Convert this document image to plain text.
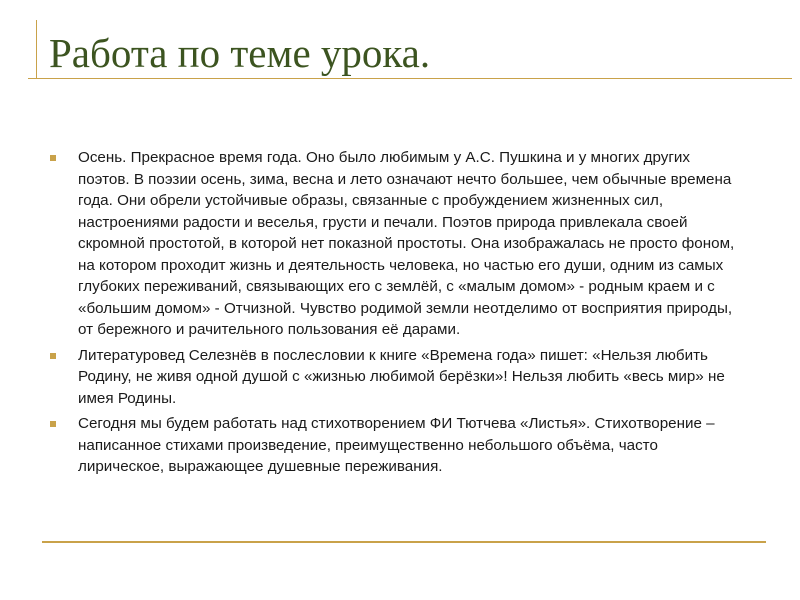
Работа по теме урока.
Осень. Прекрасное время года. Оно было любимым у А.С. Пушкина и у многих других поэтов. В поэзии осень, зима, весна и лето означают нечто большее, чем обычные времена года. Они обрели устойчивые образы, связанные с пробуждением жизненных сил, настроениями радости и веселья, грусти и печали. Поэтов природа привлекала своей скромной простотой, в которой нет показной простоты. Она изображалась не просто фоном, на котором проходит жизнь и деятельность человека, но частью его души, одним из самых глубоких переживаний, связывающих его с землёй, с «малым домом» - родным краем и с «большим домом» - Отчизной. Чувство родимой земли неотделимо от восприятия природы, от бережного и рачительного пользования её дарами.
Литературовед Селезнёв в послесловии к книге «Времена года» пишет: «Нельзя любить Родину, не живя одной душой с «жизнью любимой берёзки»! Нельзя любить «весь мир» не имея Родины.
Сегодня мы будем работать над стихотворением ФИ Тютчева «Листья». Стихотворение – написанное стихами произведение, преимущественно небольшого объёма, часто лирическое, выражающее душевные переживания.
